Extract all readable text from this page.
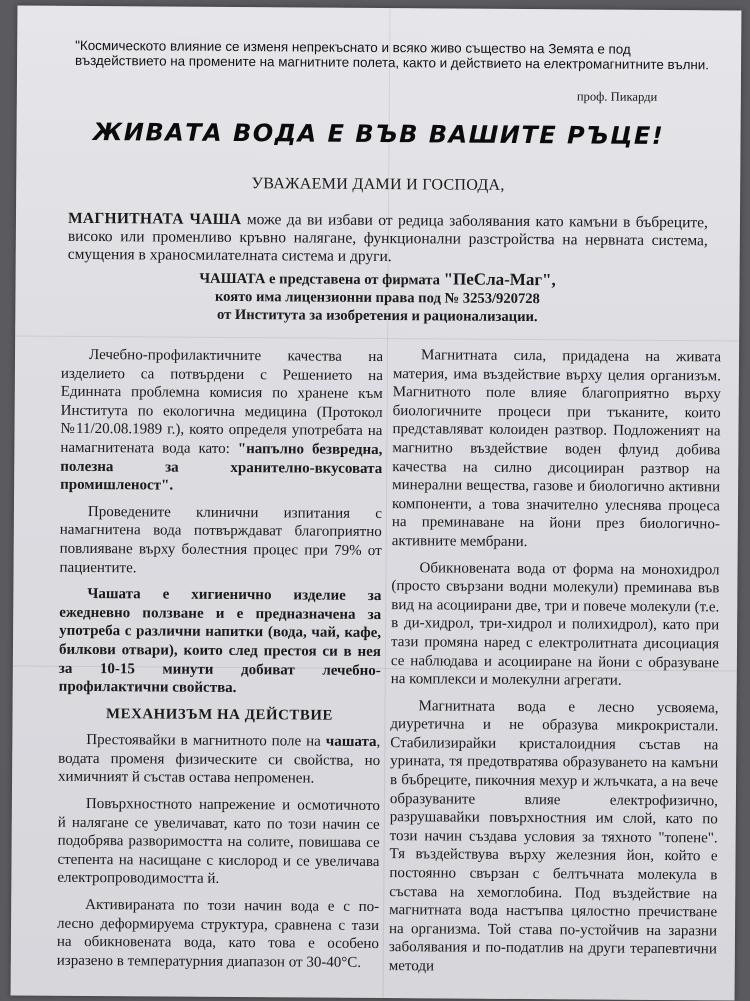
"Космическото влияние се изменя непрекъснато и всяко живо същество на Земята е под въздействието на промените на магнитните полета, както и действието на електромагнитните вълни.
проф. Пикарди
ЖИВАТА ВОДА Е ВЪВ ВАШИТЕ РЪЦЕ!
УВАЖАЕМИ ДАМИ И ГОСПОДА,
МАГНИТНАТА ЧАША може да ви избави от редица заболявания като камъни в бъбреците, високо или променливо кръвно налягане, функционални разстройства на нервната система, смущения в храносмилателната система и други.
ЧАШАТА е представена от фирмата "ПеСла-Маг",
която има лицензионни права под № 3253/920728
от Института за изобретения и рационализации.

Лечебно-профилактичните качества на изделието са потвърдени с Решението на Единната проблемна комисия по хранене към Института по екологична медицина (Протокол №11/20.08.1989 г.), която определя употребата на намагнитената вода като: "напълно безвредна, полезна за хранително-вкусовата промишленост".

Проведените клинични изпитания с намагнитена вода потвърждават благоприятно повлияване върху болестния процес при 79% от пациентите.

Чашата е хигиенично изделие за ежедневно ползване и е предназначена за употреба с различни напитки (вода, чай, кафе, билкови отвари), които след престоя си в нея за 10-15 минути добиват лечебно-профилактични свойства.

МЕХАНИЗЪМ НА ДЕЙСТВИЕ

Престоявайки в магнитното поле на чашата, водата променя физическите си свойства, но химичният й състав остава непроменен.

Повърхностното напрежение и осмотичното й налягане се увеличават, като по този начин се подобрява разворимостта на солите, повишава се степента на насищане с кислород и се увеличава електропроводимостта й.

Активираната по този начин вода е с по-лесно деформируема структура, сравнена с тази на обикновената вода, като това е особено изразено в температурния диапазон от 30-40°С.

Магнитната сила, придадена на живата материя, има въздействие върху целия организъм. Магнитното поле влияе благоприятно върху биологичните процеси при тъканите, които представляват колоиден разтвор. Подложеният на магнитно въздействие воден флуид добива качества на силно дисоцииран разтвор на минерални вещества, газове и биологично активни компоненти, а това значително улеснява процеса на преминаване на йони през биологично-активните мембрани.

Обикновената вода от форма на монохидрол (просто свързани водни молекули) преминава във вид на асоциирани две, три и повече молекули (т.е. в ди-хидрол, три-хидрол и полихидрол), като при тази промяна наред с електролитната дисоциация се наблюдава и асоцииране на йони с образуване на комплекси и молекулни агрегати.

Магнитната вода е лесно усвояема, диуретична и не образува микрокристали. Стабилизирайки кристалоидния състав на урината, тя предотвратява образуването на камъни в бъбреците, пикочния мехур и жлъчката, а на вече образуваните влияе електрофизично, разрушавайки повърхностния им слой, като по този начин създава условия за тяхното "топене". Тя въздействува върху железния йон, който е постоянно свързан с белтъчната молекула в състава на хемоглобина. Под въздействие на магнитната вода настъпва цялостно пречистване на организма. Той става по-устойчив на заразни заболявания и по-податлив на други терапевтични методи
